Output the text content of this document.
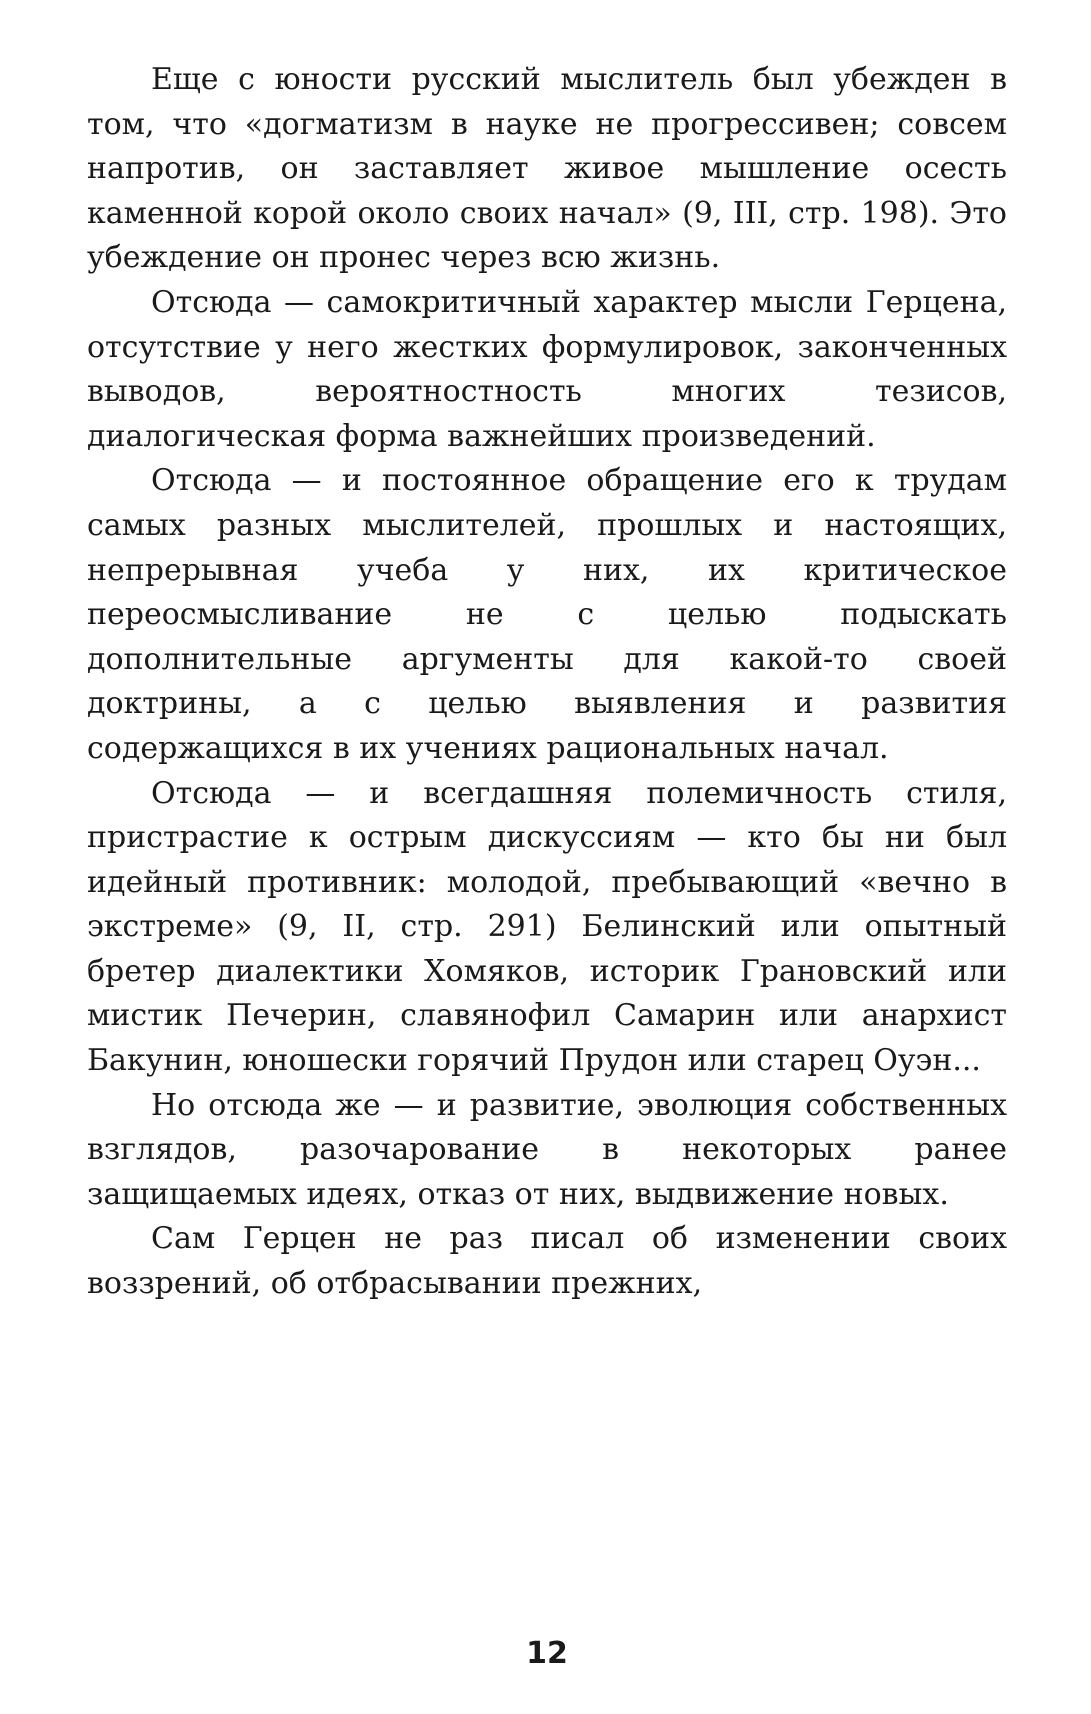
Еще с юности русский мыслитель был убежден в том, что «догматизм в науке не прогрессивен; совсем напротив, он заставляет живое мышление осесть каменной корой около своих начал» (9, III, стр. 198). Это убеждение он пронес через всю жизнь.

Отсюда — самокритичный характер мысли Герцена, отсутствие у него жестких формулировок, законченных выводов, вероятностность многих тезисов, диалогическая форма важнейших произведений.

Отсюда — и постоянное обращение его к трудам самых разных мыслителей, прошлых и настоящих, непрерывная учеба у них, их критическое переосмысливание не с целью подыскать дополнительные аргументы для какой-то своей доктрины, а с целью выявления и развития содержащихся в их учениях рациональных начал.

Отсюда — и всегдашняя полемичность стиля, пристрастие к острым дискуссиям — кто бы ни был идейный противник: молодой, пребывающий «вечно в экстреме» (9, II, стр. 291) Белинский или опытный бретер диалектики Хомяков, историк Грановский или мистик Печерин, славянофил Самарин или анархист Бакунин, юношески горячий Прудон или старец Оуэн...

Но отсюда же — и развитие, эволюция собственных взглядов, разочарование в некоторых ранее защищаемых идеях, отказ от них, выдвижение новых.

Сам Герцен не раз писал об изменении своих воззрений, об отбрасывании прежних,

12
